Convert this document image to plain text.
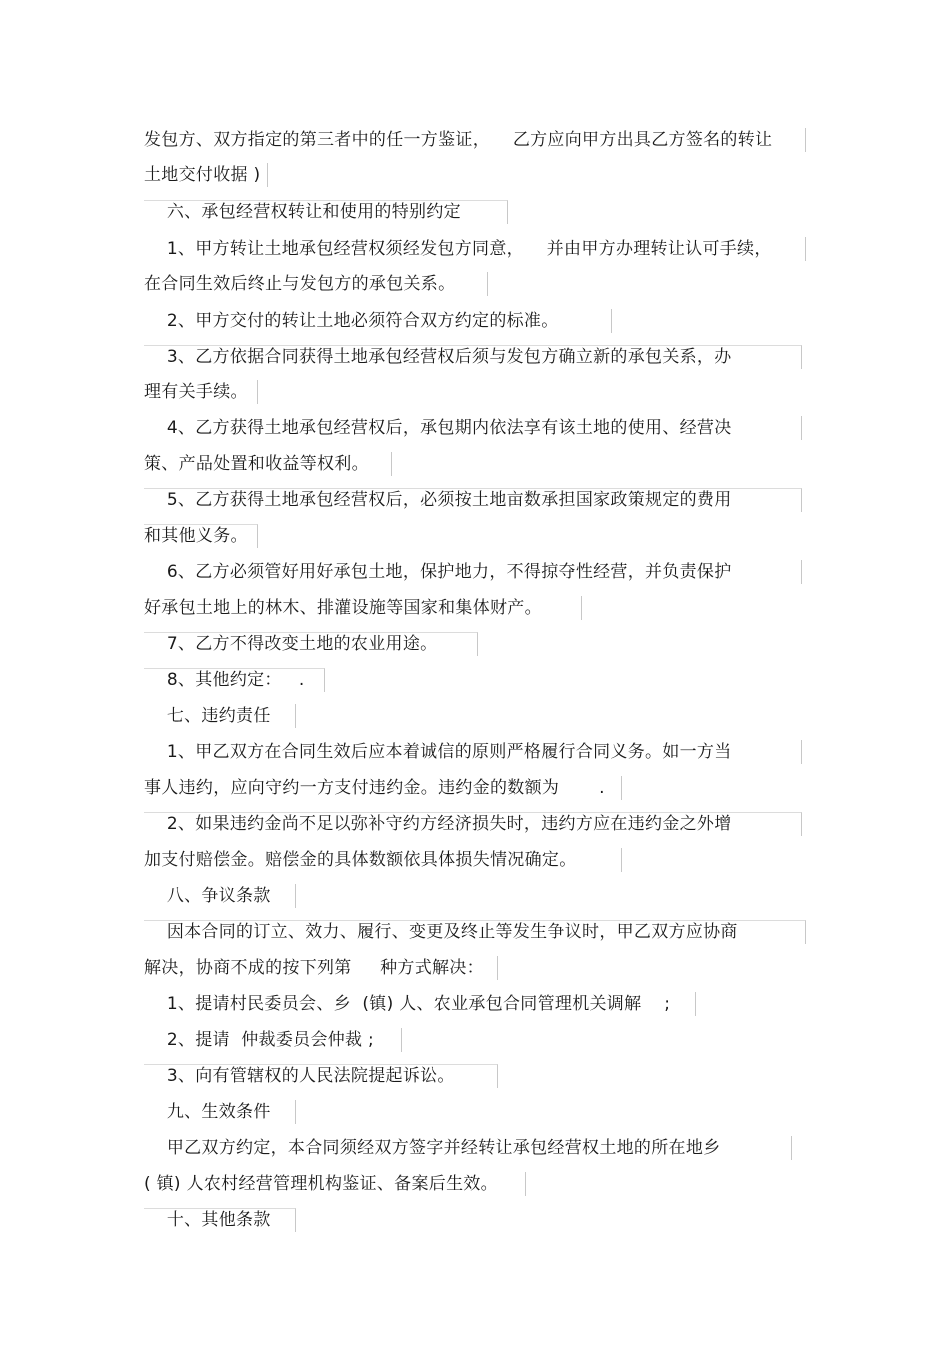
发包方、双方指定的第三者中的任一方鉴证，    乙方应向甲方出具乙方签名的转让
土地交付收据 )
六、承包经营权转让和使用的特别约定
1、甲方转让土地承包经营权须经发包方同意，    并由甲方办理转让认可手续，
在合同生效后终止与发包方的承包关系。
2、甲方交付的转让土地必须符合双方约定的标准。
3、乙方依据合同获得土地承包经营权后须与发包方确立新的承包关系，办
理有关手续。
4、乙方获得土地承包经营权后，承包期内依法享有该土地的使用、经营决
策、产品处置和收益等权利。
5、乙方获得土地承包经营权后，必须按土地亩数承担国家政策规定的费用
和其他义务。
6、乙方必须管好用好承包土地，保护地力，不得掠夺性经营，并负责保护
好承包土地上的林木、排灌设施等国家和集体财产。
7、乙方不得改变土地的农业用途。
8、其他约定：   .
七、违约责任
1、甲乙双方在合同生效后应本着诚信的原则严格履行合同义务。如一方当
事人违约，应向守约一方支付违约金。违约金的数额为       .
2、如果违约金尚不足以弥补守约方经济损失时，违约方应在违约金之外增
加支付赔偿金。赔偿金的具体数额依具体损失情况确定。
八、争议条款
因本合同的订立、效力、履行、变更及终止等发生争议时，甲乙双方应协商
解决，协商不成的按下列第     种方式解决：
1、提请村民委员会、乡  (镇) 人、农业承包合同管理机关调解    ;
2、提请  仲裁委员会仲裁 ;
3、向有管辖权的人民法院提起诉讼。
九、生效条件
甲乙双方约定，本合同须经双方签字并经转让承包经营权土地的所在地乡
( 镇) 人农村经营管理机构鉴证、备案后生效。
十、其他条款
